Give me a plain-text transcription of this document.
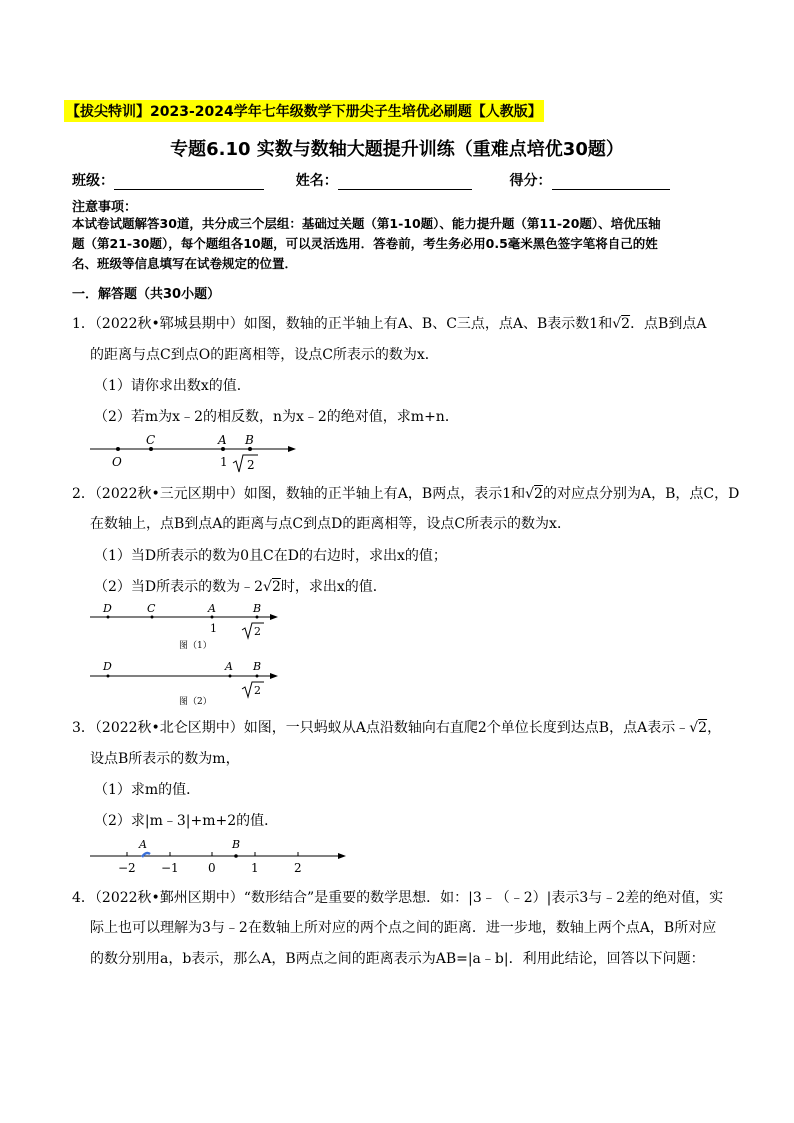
【拔尖特训】2023-2024学年七年级数学下册尖子生培优必刷题【人教版】
专题6.10 实数与数轴大题提升训练（重难点培优30题）
班级：	姓名：	得分：
注意事项：
本试卷试题解答30道，共分成三个层组：基础过关题（第1-10题）、能力提升题（第11-20题）、培优压轴
题（第21-30题），每个题组各10题，可以灵活选用．答卷前，考生务必用0.5毫米黑色签字笔将自己的姓
名、班级等信息填写在试卷规定的位置．
一．解答题（共30小题）
1．（2022秋•郓城县期中）如图，数轴的正半轴上有A、B、C三点，点A、B表示数1和√2．点B到点A
的距离与点C到点O的距离相等，设点C所表示的数为x．
（1）请你求出数x的值．
（2）若m为x﹣2的相反数，n为x﹣2的绝对值，求m+n．
C	A B
O	1 2
2．（2022秋•三元区期中）如图，数轴的正半轴上有A，B两点，表示1和√2的对应点分别为A，B，点C，D
在数轴上，点B到点A的距离与点C到点D的距离相等，设点C所表示的数为x．
（1）当D所表示的数为0且C在D的右边时，求出x的值；
（2）当D所表示的数为﹣2√2时，求出x的值．
D	C	A	B
1	2
图（1）
D	A B
2
图（2）
3．（2022秋•北仑区期中）如图，一只蚂蚁从A点沿数轴向右直爬2个单位长度到达点B，点A表示﹣√2，
设点B所表示的数为m，
（1）求m的值．
（2）求|m﹣3|+m+2的值．
A	B
−2 −1 0	1	2
4．（2022秋•鄞州区期中）“数形结合”是重要的数学思想．如：|3﹣（﹣2）|表示3与﹣2差的绝对值，实
际上也可以理解为3与﹣2在数轴上所对应的两个点之间的距离．进一步地，数轴上两个点A，B所对应
的数分别用a，b表示，那么A，B两点之间的距离表示为AB=|a﹣b|．利用此结论，回答以下问题：
